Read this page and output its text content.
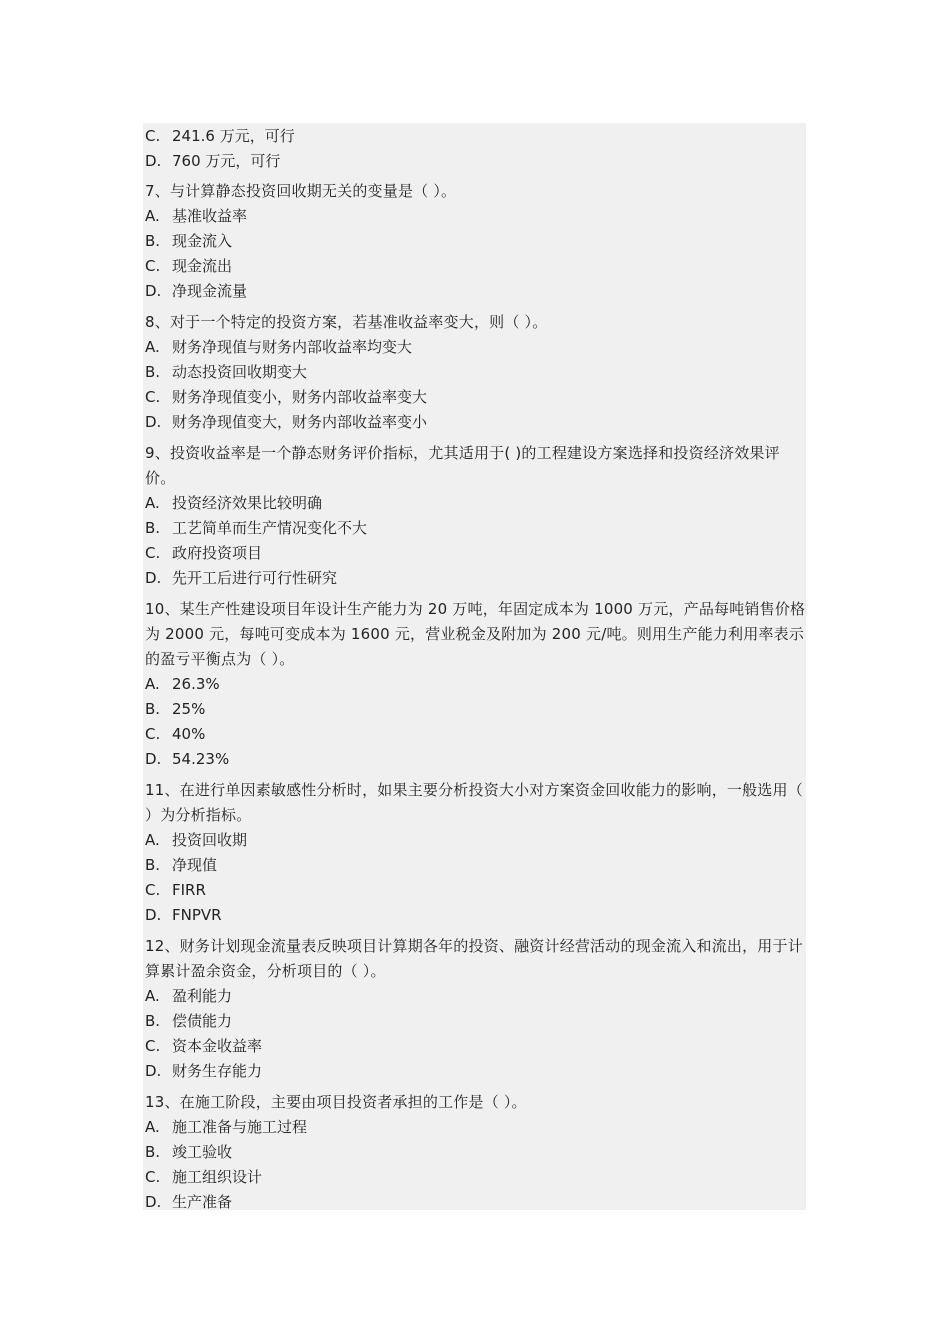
C. 241.6 万元，可行
D. 760 万元，可行
7、与计算静态投资回收期无关的变量是（ ）。
A. 基准收益率
B. 现金流入
C. 现金流出
D. 净现金流量
8、对于一个特定的投资方案，若基准收益率变大，则（ ）。
A. 财务净现值与财务内部收益率均变大
B. 动态投资回收期变大
C. 财务净现值变小，财务内部收益率变大
D. 财务净现值变大，财务内部收益率变小
9、投资收益率是一个静态财务评价指标，尤其适用于( )的工程建设方案选择和投资经济效果评价。
A. 投资经济效果比较明确
B. 工艺简单而生产情况变化不大
C. 政府投资项目
D. 先开工后进行可行性研究
10、某生产性建设项目年设计生产能力为 20 万吨，年固定成本为 1000 万元，产品每吨销售价格为 2000 元，每吨可变成本为 1600 元，营业税金及附加为 200 元/吨。则用生产能力利用率表示的盈亏平衡点为（ ）。
A. 26.3%
B. 25%
C. 40%
D. 54.23%
11、在进行单因素敏感性分析时，如果主要分析投资大小对方案资金回收能力的影响，一般选用（ ）为分析指标。
A. 投资回收期
B. 净现值
C. FIRR
D. FNPVR
12、财务计划现金流量表反映项目计算期各年的投资、融资计经营活动的现金流入和流出，用于计算累计盈余资金，分析项目的（ ）。
A. 盈利能力
B. 偿债能力
C. 资本金收益率
D. 财务生存能力
13、在施工阶段，主要由项目投资者承担的工作是（ ）。
A. 施工准备与施工过程
B. 竣工验收
C. 施工组织设计
D. 生产准备
